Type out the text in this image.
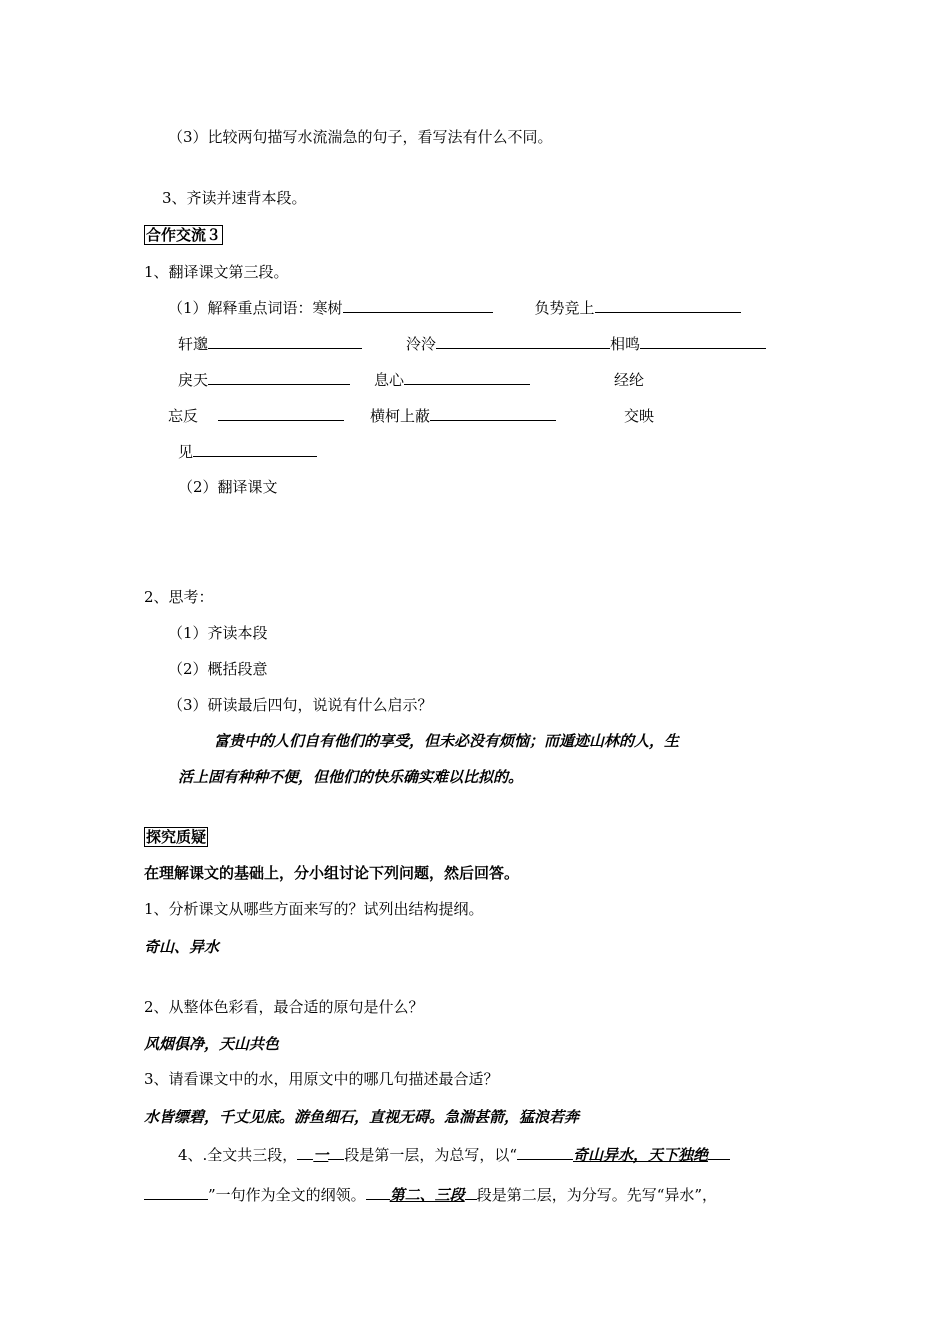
（3）比较两句描写水流湍急的句子，看写法有什么不同。
3、齐读并速背本段。
合作交流３
1、翻译课文第三段。
（1）解释重点词语：寒树	负势竞上
轩邈	泠泠	相鸣
戾天	息心	经纶
忘反	横柯上蔽	交映
见
（2）翻译课文
2、思考：
（1）齐读本段
（2）概括段意
（3）研读最后四句，说说有什么启示？
富贵中的人们自有他们的享受，但未必没有烦恼；而遁迹山林的人，生
活上固有种种不便，但他们的快乐确实难以比拟的。
探究质疑
在理解课文的基础上，分小组讨论下列问题，然后回答。
1、分析课文从哪些方面来写的？试列出结构提纲。
奇山、异水
2、从整体色彩看，最合适的原句是什么？
风烟俱净，天山共色
3、请看课文中的水，用原文中的哪几句描述最合适？
水皆缥碧，千丈见底。游鱼细石，直视无碍。急湍甚箭，猛浪若奔
4、.全文共三段， 一 段是第一层，为总写，以“	奇山异水，天下独绝
”一句作为全文的纲领。 第二、三段 段是第二层，为分写。先写“异水”，
